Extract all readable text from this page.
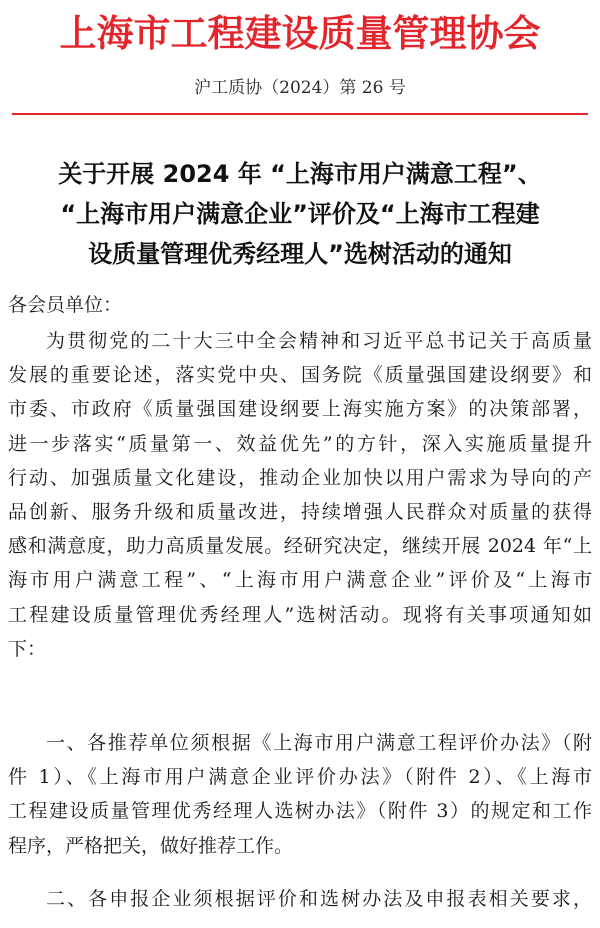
上海市工程建设质量管理协会
沪工质协（2024）第 26 号
关于开展 2024 年 “上海市用户满意工程”、
“上海市用户满意企业”评价及“上海市工程建
设质量管理优秀经理人”选树活动的通知
各会员单位：
为贯彻党的二十大三中全会精神和习近平总书记关于高质量
发展的重要论述，落实党中央、国务院《质量强国建设纲要》和
市委、市政府《质量强国建设纲要上海实施方案》的决策部署，
进一步落实“质量第一、效益优先”的方针，深入实施质量提升
行动、加强质量文化建设，推动企业加快以用户需求为导向的产
品创新、服务升级和质量改进，持续增强人民群众对质量的获得
感和满意度，助力高质量发展。经研究决定，继续开展 2024 年“上
海市用户满意工程”、“上海市用户满意企业”评价及“上海市
工程建设质量管理优秀经理人”选树活动。现将有关事项通知如
下：
一、各推荐单位须根据《上海市用户满意工程评价办法》（附
件 1）、《上海市用户满意企业评价办法》（附件 2）、《上海市
工程建设质量管理优秀经理人选树办法》（附件 3）的规定和工作
程序，严格把关，做好推荐工作。
二、各申报企业须根据评价和选树办法及申报表相关要求，
